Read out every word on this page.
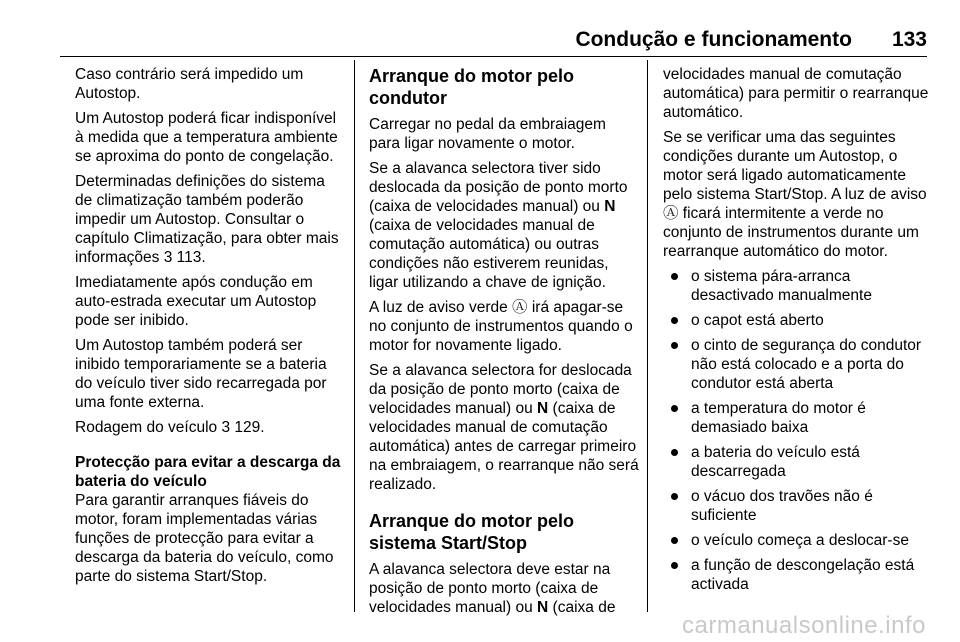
Condução e funcionamento 133

Caso contrário será impedido um Autostop.

Um Autostop poderá ficar indisponível à medida que a temperatura ambiente se aproxima do ponto de congelação.

Determinadas definições do sistema de climatização também poderão impedir um Autostop. Consultar o capítulo Climatização, para obter mais informações 3 113.

Imediatamente após condução em auto-estrada executar um Autostop pode ser inibido.

Um Autostop também poderá ser inibido temporariamente se a bateria do veículo tiver sido recarregada por uma fonte externa.

Rodagem do veículo 3 129.

Protecção para evitar a descarga da bateria do veículo

Para garantir arranques fiáveis do motor, foram implementadas várias funções de protecção para evitar a descarga da bateria do veículo, como parte do sistema Start/Stop.

Arranque do motor pelo condutor

Carregar no pedal da embraiagem para ligar novamente o motor.

Se a alavanca selectora tiver sido deslocada da posição de ponto morto (caixa de velocidades manual) ou N (caixa de velocidades manual de comutação automática) ou outras condições não estiverem reunidas, ligar utilizando a chave de ignição.

A luz de aviso verde Ⓐ irá apagar-se no conjunto de instrumentos quando o motor for novamente ligado.

Se a alavanca selectora for deslocada da posição de ponto morto (caixa de velocidades manual) ou N (caixa de velocidades manual de comutação automática) antes de carregar primeiro na embraiagem, o rearranque não será realizado.

Arranque do motor pelo sistema Start/Stop

A alavanca selectora deve estar na posição de ponto morto (caixa de velocidades manual) ou N (caixa de

velocidades manual de comutação automática) para permitir o rearranque automático.

Se se verificar uma das seguintes condições durante um Autostop, o motor será ligado automaticamente pelo sistema Start/Stop. A luz de aviso Ⓐ ficará intermitente a verde no conjunto de instrumentos durante um rearranque automático do motor.

o sistema pára-arranca desactivado manualmente
o capot está aberto
o cinto de segurança do condutor não está colocado e a porta do condutor está aberta
a temperatura do motor é demasiado baixa
a bateria do veículo está descarregada
o vácuo dos travões não é suficiente
o veículo começa a deslocar-se
a função de descongelação está activada
carmanualsonline.info
